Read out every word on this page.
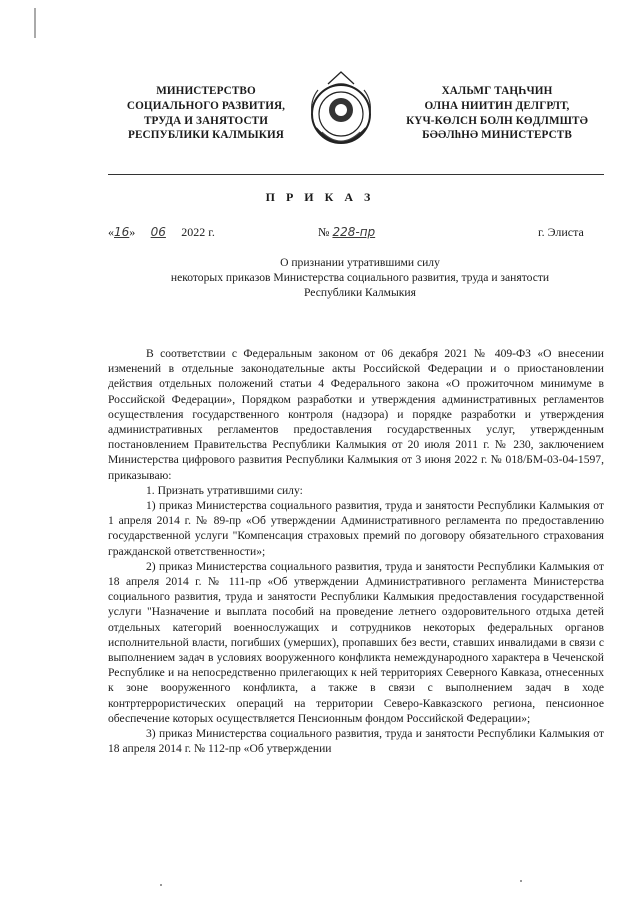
МИНИСТЕРСТВО
СОЦИАЛЬНОГО РАЗВИТИЯ,
ТРУДА И ЗАНЯТОСТИ
РЕСПУБЛИКИ КАЛМЫКИЯ
ХАЛЬМГ ТАҢҺЧИН
ОЛНА НИИТИН ДЕЛГРЛТ,
КҮЧ-КӨЛСН БОЛН КӨДЛМШТӘ
БӘӘЛһНӘ МИНИСТЕРСТВ
П Р И К А З
«16» 06 2022 г.	№ 228-пр	г. Элиста
О признании утратившими силу
некоторых приказов Министерства социального развития, труда и занятости
Республики Калмыкия

В соответствии с Федеральным законом от 06 декабря 2021 № 409-ФЗ «О внесении изменений в отдельные законодательные акты Российской Федерации и о приостановлении действия отдельных положений статьи 4 Федерального закона «О прожиточном минимуме в Российской Федерации», Порядком разработки и утверждения административных регламентов осуществления государственного контроля (надзора) и порядке разработки и утверждения административных регламентов предоставления государственных услуг, утвержденным постановлением Правительства Республики Калмыкия от 20 июля 2011 г. № 230, заключением Министерства цифрового развития Республики Калмыкия от 3 июня 2022 г. № 018/БМ-03-04-1597, приказываю:

1. Признать утратившими силу:

1) приказ Министерства социального развития, труда и занятости Республики Калмыкия от 1 апреля 2014 г. № 89-пр «Об утверждении Административного регламента по предоставлению государственной услуги "Компенсация страховых премий по договору обязательного страхования гражданской ответственности»;

2) приказ Министерства социального развития, труда и занятости Республики Калмыкия от 18 апреля 2014 г. № 111-пр «Об утверждении Административного регламента Министерства социального развития, труда и занятости Республики Калмыкия предоставления государственной услуги "Назначение и выплата пособий на проведение летнего оздоровительного отдыха детей отдельных категорий военнослужащих и сотрудников некоторых федеральных органов исполнительной власти, погибших (умерших), пропавших без вести, ставших инвалидами в связи с выполнением задач в условиях вооруженного конфликта немеждународного характера в Чеченской Республике и на непосредственно прилегающих к ней территориях Северного Кавказа, отнесенных к зоне вооруженного конфликта, а также в связи с выполнением задач в ходе контртеррористических операций на территории Северо-Кавказского региона, пенсионное обеспечение которых осуществляется Пенсионным фондом Российской Федерации»;

3) приказ Министерства социального развития, труда и занятости Республики Калмыкия от 18 апреля 2014 г. № 112-пр «Об утверждении
